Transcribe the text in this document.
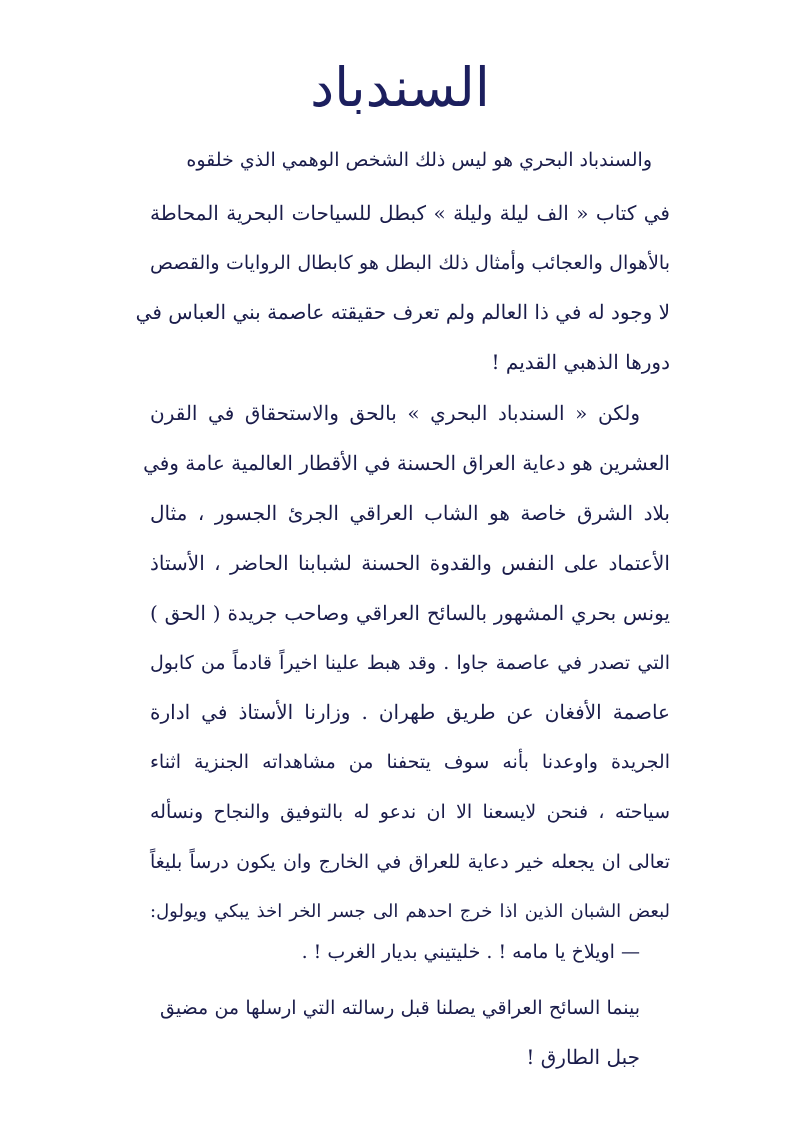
السندباد
والسندباد البحري هو ليس ذلك الشخص الوهمي الذي خلقوه
في كتاب « الف ليلة وليلة » كبطل للسياحات البحرية المحاطة
بالأهوال والعجائب وأمثال ذلك البطل هو كابطال الروايات والقصص
لا وجود له في ذا العالم ولم تعرف حقيقته عاصمة بني العباس في
دورها الذهبي القديم !
ولكن « السندباد البحري » بالحق والاستحقاق في القرن
العشرين هو دعاية العراق الحسنة في الأقطار العالمية عامة وفي
بلاد الشرق خاصة هو الشاب العراقي الجرئ الجسور ، مثال
الأعتماد على النفس والقدوة الحسنة لشبابنا الحاضر ، الأستاذ
يونس بحري المشهور بالسائح العراقي وصاحب جريدة ( الحق )
التي تصدر في عاصمة جاوا . وقد هبط علينا اخيراً قادماً من كابول
عاصمة الأفغان عن طريق طهران . وزارنا الأستاذ في ادارة
الجريدة واوعدنا بأنه سوف يتحفنا من مشاهداته الجنزية اثناء
سياحته ، فنحن لايسعنا الا ان ندعو له بالتوفيق والنجاح ونسأله
تعالى ان يجعله خير دعاية للعراق في الخارج وان يكون درساً بليغاً
لبعض الشبان الذين اذا خرج احدهم الى جسر الخر اخذ يبكي ويولول:
— اويلاخ يا مامه ! . خليتيني بديار الغرب ! .
بينما السائح العراقي يصلنا قبل رسالته التي ارسلها من مضيق
جبل الطارق !
